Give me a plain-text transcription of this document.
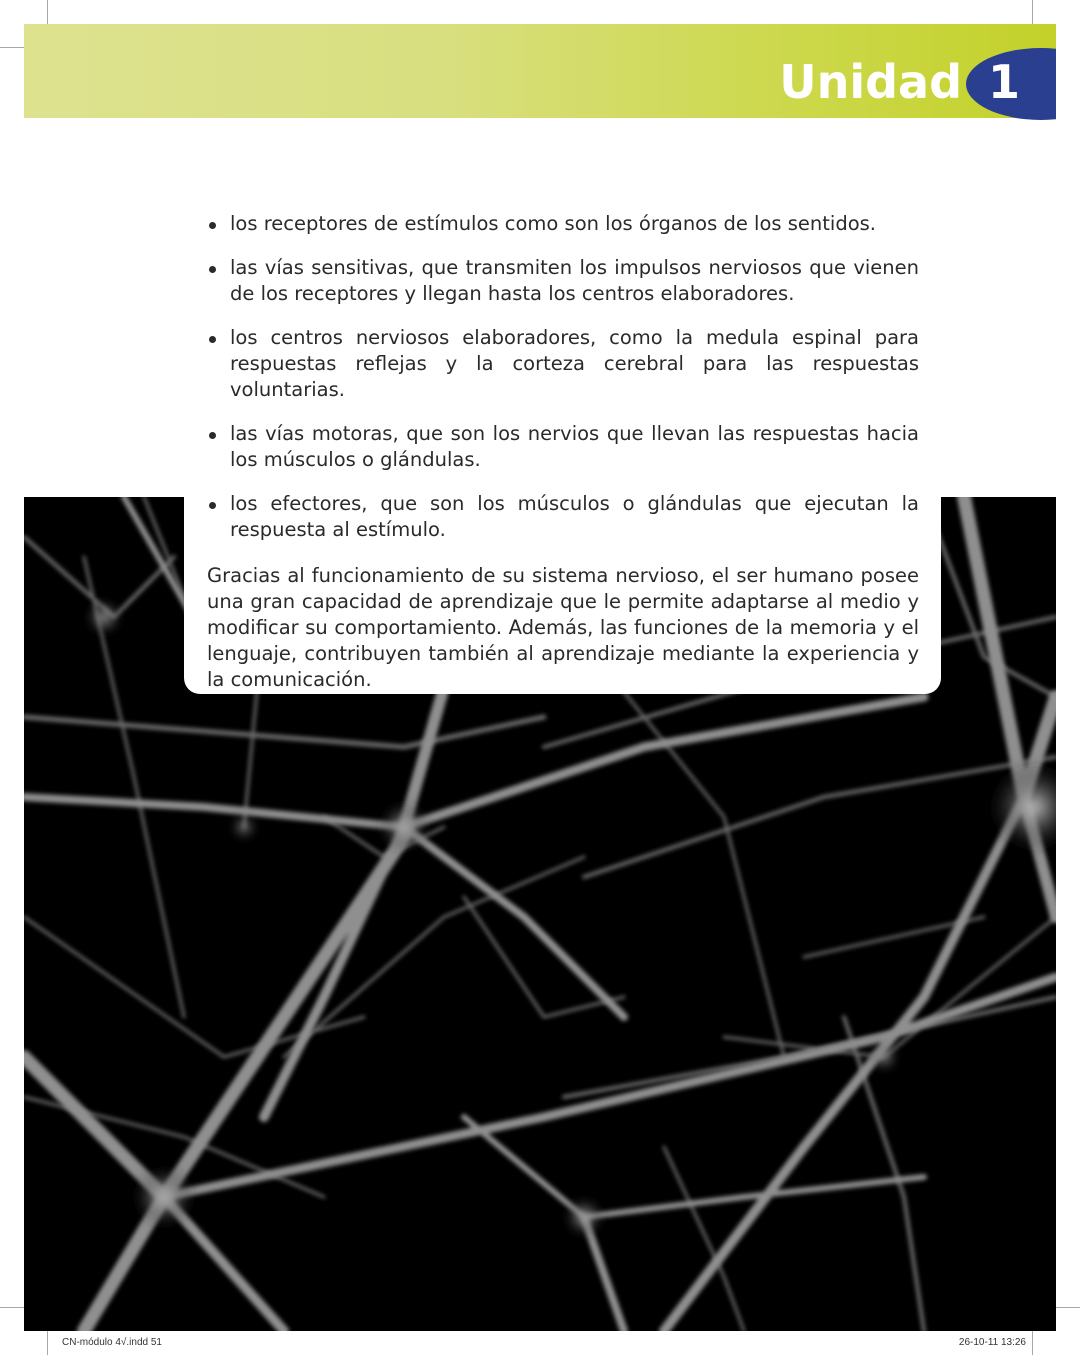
Unidad 1
los receptores de estímulos como son los órganos de los sentidos.
las vías sensitivas, que transmiten los impulsos nerviosos que vienen de los receptores y llegan hasta los centros elaboradores.
los centros nerviosos elaboradores, como la medula espinal para respuestas reflejas y la corteza cerebral para las respuestas voluntarias.
las vías motoras, que son los nervios que llevan las respuestas hacia los músculos o glándulas.
los efectores, que son los músculos o glándulas que ejecutan la respuesta al estímulo.

Gracias al funcionamiento de su sistema nervioso, el ser humano posee una gran capacidad de aprendizaje que le permite adaptarse al medio y modificar su comportamiento. Además, las funciones de la memoria y el lenguaje, contribuyen también al aprendizaje mediante la experiencia y la comunicación.

CN-módulo 4√.indd 51	26-10-11 13:26
